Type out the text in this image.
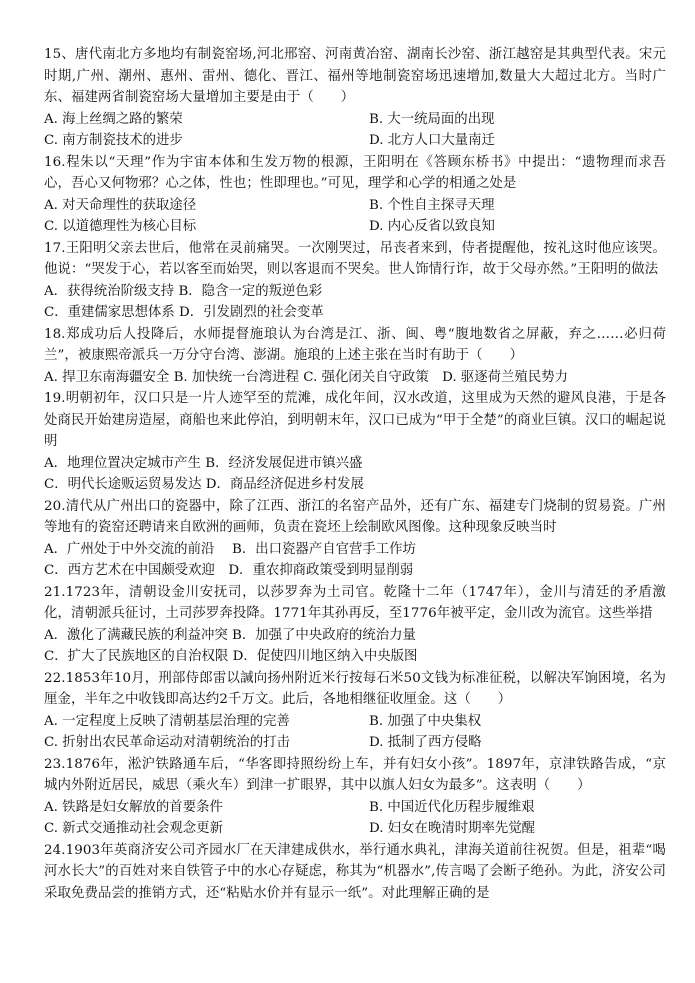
15、唐代南北方多地均有制瓷窑场,河北邢窑、河南黄冶窑、湖南长沙窑、浙江越窑是其典型代表。宋元时期,广州、潮州、惠州、雷州、德化、晋江、福州等地制瓷窑场迅速增加,数量大大超过北方。当时广东、福建两省制瓷窑场大量增加主要是由于（　　）

A. 海上丝绸之路的繁荣	B. 大一统局面的出现
C. 南方制瓷技术的进步	D. 北方人口大量南迁

16.程朱以“天理”作为宇宙本体和生发万物的根源，王阳明在《答顾东桥书》中提出：“遗物理而求吾心，吾心又何物邪？心之体，性也；性即理也。”可见，理学和心学的相通之处是

A. 对天命理性的获取途径	B. 个性自主探寻天理
C. 以道德理性为核心目标	D. 内心反省以致良知

17.王阳明父亲去世后，他常在灵前痛哭。一次刚哭过，吊丧者来到，侍者提醒他，按礼这时他应该哭。他说：“哭发于心，若以客至而始哭，则以客退而不哭矣。世人饰情行诈，故于父母亦然。”王阳明的做法

A．获得统治阶级支持 B．隐含一定的叛逆色彩

C．重建儒家思想体系 D．引发剧烈的社会变革

18.郑成功后人投降后，水师提督施琅认为台湾是江、浙、闽、粤“腹地数省之屏蔽，弃之……必归荷兰”，被康熙帝派兵一万分守台湾、澎湖。施琅的上述主张在当时有助于（　　）

A. 捍卫东南海疆安全 B. 加快统一台湾进程 C. 强化闭关自守政策　D. 驱逐荷兰殖民势力

19.明朝初年，汉口只是一片人迹罕至的荒滩，成化年间，汉水改道，这里成为天然的避风良港，于是各处商民开始建房造屋，商船也来此停泊，到明朝末年，汉口已成为“甲于全楚”的商业巨镇。汉口的崛起说明

A．地理位置决定城市产生 B．经济发展促进市镇兴盛

C．明代长途贩运贸易发达 D．商品经济促进乡村发展

20.清代从广州出口的瓷器中，除了江西、浙江的名窑产品外，还有广东、福建专门烧制的贸易瓷。广州等地有的瓷窑还聘请来自欧洲的画师，负责在瓷坯上绘制欧风图像。这种现象反映当时

A．广州处于中外交流的前沿　 B．出口瓷器产自官营手工作坊

C．西方艺术在中国颇受欢迎　D．重农抑商政策受到明显削弱

21.1723年，清朝设金川安抚司，以莎罗奔为土司官。乾隆十二年（1747年），金川与清廷的矛盾激化，清朝派兵征讨，土司莎罗奔投降。1771年其孙再反，至1776年被平定，金川改为流官。这些举措

A．激化了满藏民族的利益冲突 B．加强了中央政府的统治力量

C．扩大了民族地区的自治权限 D．促使四川地区纳入中央版图

22.1853年10月，刑部侍郎雷以諴向扬州附近米行按每石米50文钱为标准征税，以解决军饷困境，名为厘金，半年之中收钱即高达约2千万文。此后，各地相继征收厘金。这（　　）

A. 一定程度上反映了清朝基层治理的完善	B. 加强了中央集权
C. 折射出农民革命运动对清朝统治的打击	D. 抵制了西方侵略

23.1876年，淞沪铁路通车后，“华客即持照纷纷上车，并有妇女小孩”。1897年，京津铁路告成，“京城内外附近居民，威思（乘火车）到津一扩眼界，其中以旗人妇女为最多”。这表明（　　）

A. 铁路是妇女解放的首要条件	B. 中国近代化历程步履维艰
C. 新式交通推动社会观念更新	D. 妇女在晚清时期率先觉醒

24.1903年英商济安公司齐园水厂在天津建成供水，举行通水典礼，津海关道前往祝贺。但是，祖辈“喝河水长大”的百姓对来自铁管子中的水心存疑虑，称其为“机器水”,传言喝了会断子绝孙。为此，济安公司采取免费品尝的推销方式，还“粘贴水价并有显示一纸”。对此理解正确的是
